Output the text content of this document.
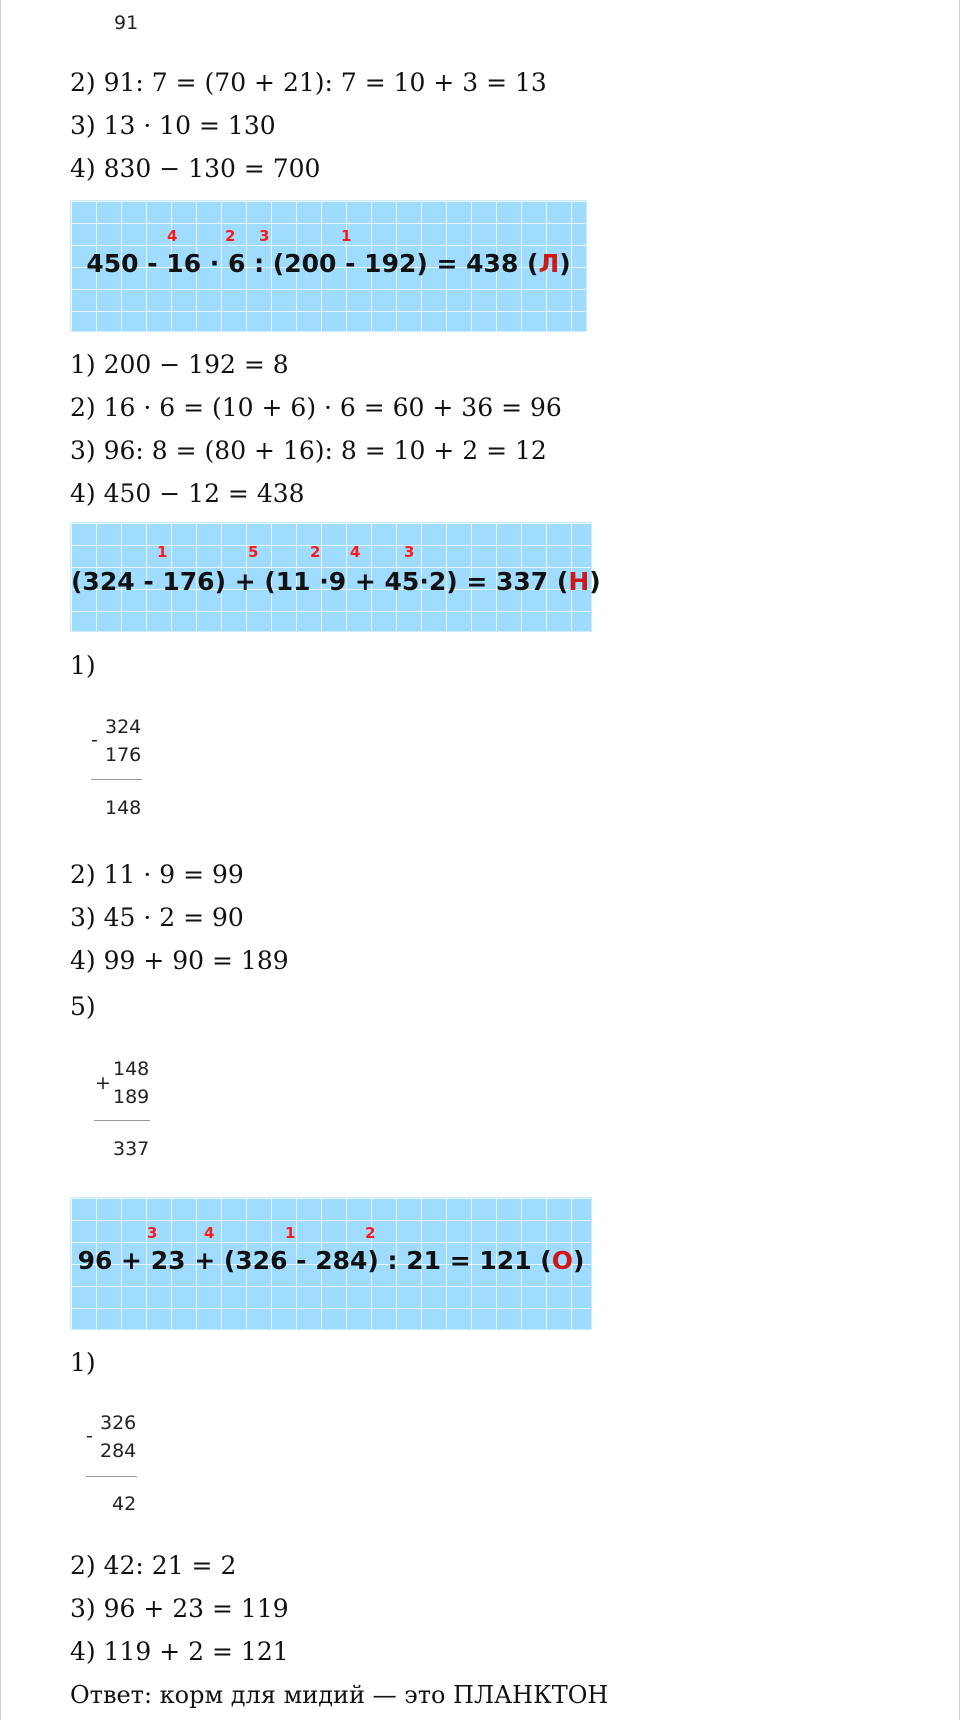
91
2) 91: 7 = (70 + 21): 7 = 10 + 3 = 13
3) 13 · 10 = 130
4) 830 − 130 = 700
4	2 3	1
450 - 16 · 6 : (200 - 192) = 438 (Л)
1) 200 − 192 = 8
2) 16 · 6 = (10 + 6) · 6 = 60 + 36 = 96
3) 96: 8 = (80 + 16): 8 = 10 + 2 = 12
4) 450 − 12 = 438
1	5	2 4	3
(324 - 176) + (11 ·9 + 45·2) = 337 (Н)
1)
-
324
176
148
2) 11 · 9 = 99
3) 45 · 2 = 90
4) 99 + 90 = 189
5)
+
148
189
337
3	4	1	2
96 + 23 + (326 - 284) : 21 = 121 (О)
1)
-
326
284
42
2) 42: 21 = 2
3) 96 + 23 = 119
4) 119 + 2 = 121
Ответ: корм для мидий — это ПЛАНКТОН
